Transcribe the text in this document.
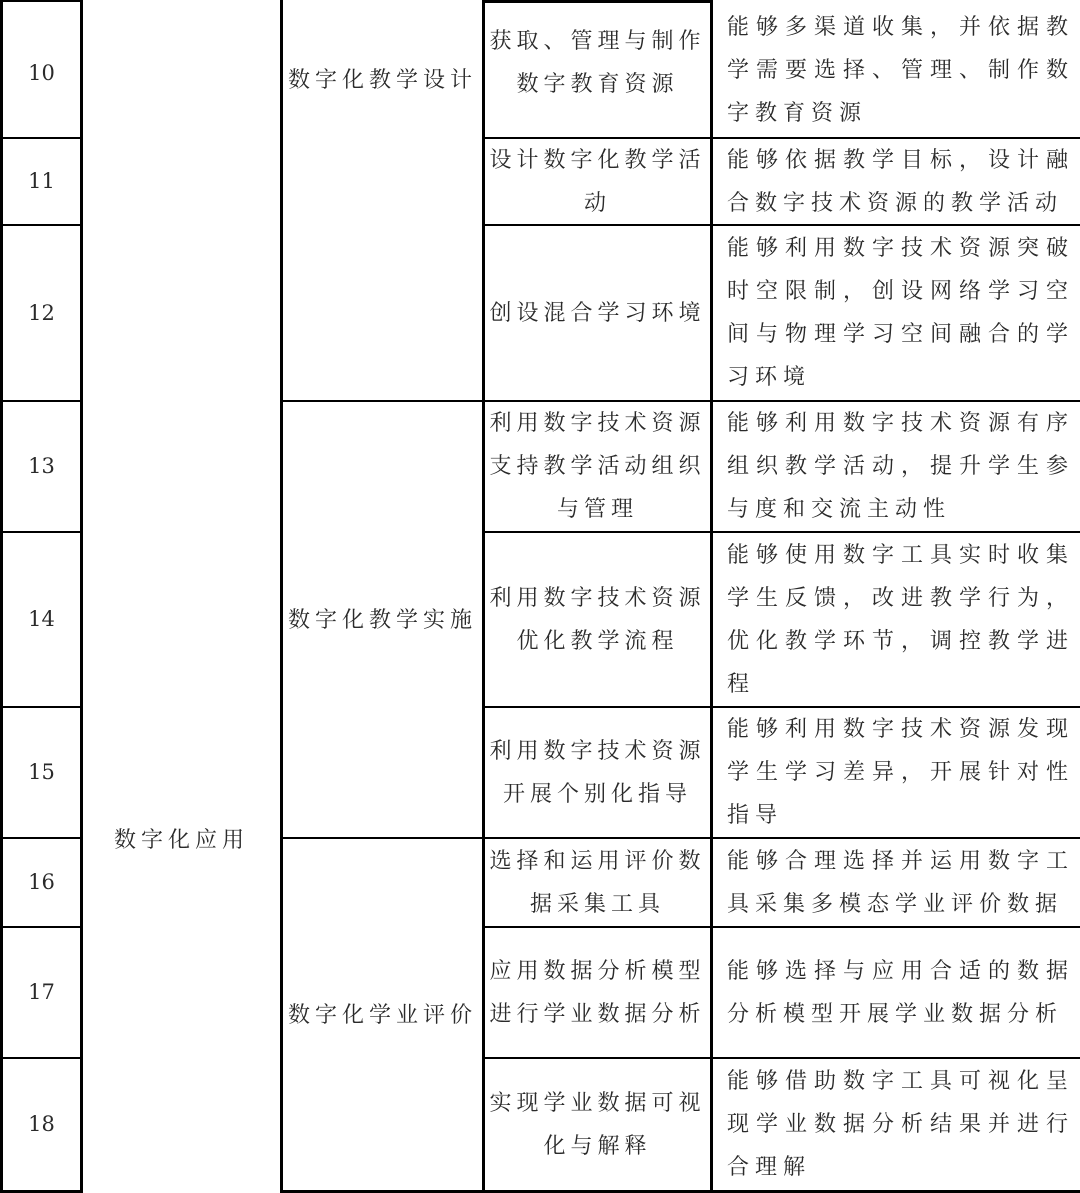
10
11
12
13
14
15
16
17
18
数字化应用
数字化教学设计
数字化教学实施
数字化学业评价
获取、管理与制作数字教育资源
设计数字化教学活动
创设混合学习环境
利用数字技术资源支持教学活动组织与管理
利用数字技术资源优化教学流程
利用数字技术资源开展个别化指导
选择和运用评价数据采集工具
应用数据分析模型进行学业数据分析
实现学业数据可视化与解释
能够多渠道收集，并依据教学需要选择、管理、制作数字教育资源
能够依据教学目标，设计融合数字技术资源的教学活动
能够利用数字技术资源突破时空限制，创设网络学习空间与物理学习空间融合的学习环境
能够利用数字技术资源有序组织教学活动，提升学生参与度和交流主动性
能够使用数字工具实时收集学生反馈，改进教学行为，优化教学环节，调控教学进程
能够利用数字技术资源发现学生学习差异，开展针对性指导
能够合理选择并运用数字工具采集多模态学业评价数据
能够选择与应用合适的数据分析模型开展学业数据分析
能够借助数字工具可视化呈现学业数据分析结果并进行合理解
